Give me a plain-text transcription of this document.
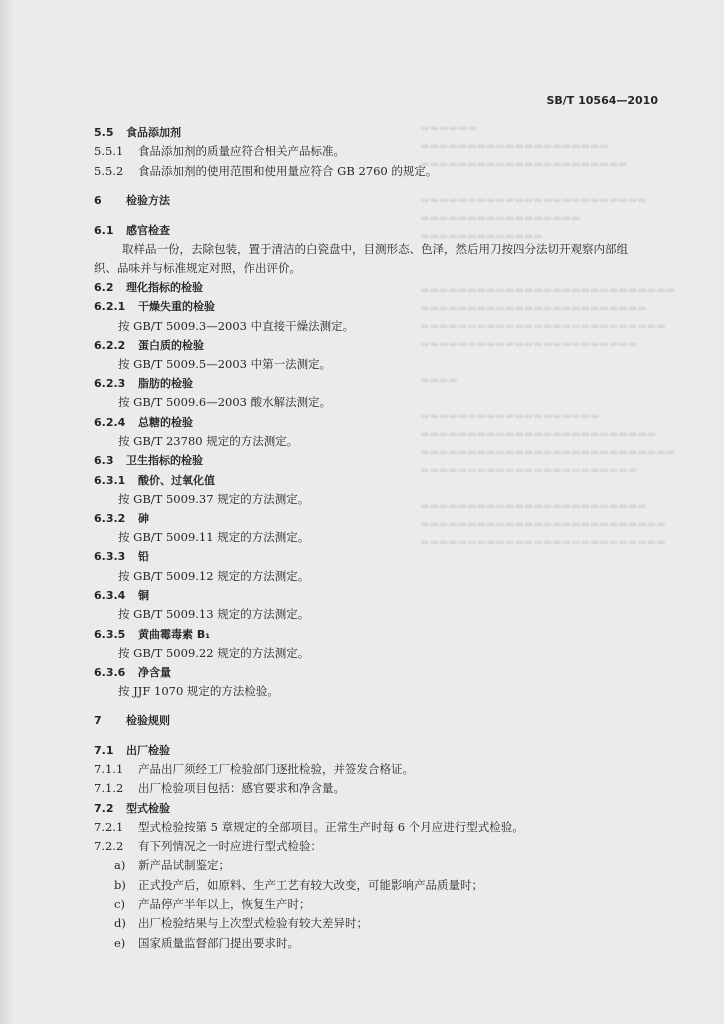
▬▬▬▬▬▬
▬▬▬▬▬▬▬▬▬▬▬▬▬▬▬▬▬▬▬▬
▬▬▬▬▬▬▬▬▬▬▬▬▬▬▬▬▬▬▬▬▬▬

▬▬▬▬▬▬▬▬▬▬▬▬▬▬▬▬▬▬▬▬▬▬▬▬
▬▬▬▬▬▬▬▬▬▬▬▬▬▬▬▬▬
▬▬▬▬▬▬▬▬▬▬▬▬▬

▬▬▬▬▬▬▬▬▬▬▬▬▬▬▬▬▬▬▬▬▬▬▬▬▬▬▬
▬▬▬▬▬▬▬▬▬▬▬▬▬▬▬▬▬▬▬▬▬▬▬▬
▬▬▬▬▬▬▬▬▬▬▬▬▬▬▬▬▬▬▬▬▬▬▬▬▬▬
▬▬▬▬▬▬▬▬▬▬▬▬▬▬▬▬▬▬▬▬▬▬▬

▬▬▬▬

▬▬▬▬▬▬▬▬▬▬▬▬▬▬▬▬▬▬▬
▬▬▬▬▬▬▬▬▬▬▬▬▬▬▬▬▬▬▬▬▬▬▬▬▬
▬▬▬▬▬▬▬▬▬▬▬▬▬▬▬▬▬▬▬▬▬▬▬▬▬▬▬
▬▬▬▬▬▬▬▬▬▬▬▬▬▬▬▬▬▬▬▬▬▬▬

▬▬▬▬▬▬▬▬▬▬▬▬▬▬▬▬▬▬▬▬▬▬▬▬
▬▬▬▬▬▬▬▬▬▬▬▬▬▬▬▬▬▬▬▬▬▬▬▬▬▬
▬▬▬▬▬▬▬▬▬▬▬▬▬▬▬▬▬▬▬▬▬▬▬▬▬▬
SB/T 10564—2010
5.5 食品添加剂
5.5.1 食品添加剂的质量应符合相关产品标准。
5.5.2 食品添加剂的使用范围和使用量应符合 GB 2760 的规定。
6 检验方法
6.1 感官检查
取样品一份，去除包装，置于清洁的白瓷盘中，目测形态、色泽，然后用刀按四分法切开观察内部组
织、品味并与标准规定对照，作出评价。
6.2 理化指标的检验
6.2.1 干燥失重的检验
按 GB/T 5009.3—2003 中直接干燥法测定。
6.2.2 蛋白质的检验
按 GB/T 5009.5—2003 中第一法测定。
6.2.3 脂肪的检验
按 GB/T 5009.6—2003 酸水解法测定。
6.2.4 总糖的检验
按 GB/T 23780 规定的方法测定。
6.3 卫生指标的检验
6.3.1 酸价、过氧化值
按 GB/T 5009.37 规定的方法测定。
6.3.2 砷
按 GB/T 5009.11 规定的方法测定。
6.3.3 铅
按 GB/T 5009.12 规定的方法测定。
6.3.4 铜
按 GB/T 5009.13 规定的方法测定。
6.3.5 黄曲霉毒素 B₁
按 GB/T 5009.22 规定的方法测定。
6.3.6 净含量
按 JJF 1070 规定的方法检验。
7 检验规则
7.1 出厂检验
7.1.1 产品出厂须经工厂检验部门逐批检验，并签发合格证。
7.1.2 出厂检验项目包括：感官要求和净含量。
7.2 型式检验
7.2.1 型式检验按第 5 章规定的全部项目。正常生产时每 6 个月应进行型式检验。
7.2.2 有下列情况之一时应进行型式检验：
a) 新产品试制鉴定；
b) 正式投产后，如原料、生产工艺有较大改变，可能影响产品质量时；
c) 产品停产半年以上，恢复生产时；
d) 出厂检验结果与上次型式检验有较大差异时；
e) 国家质量监督部门提出要求时。
